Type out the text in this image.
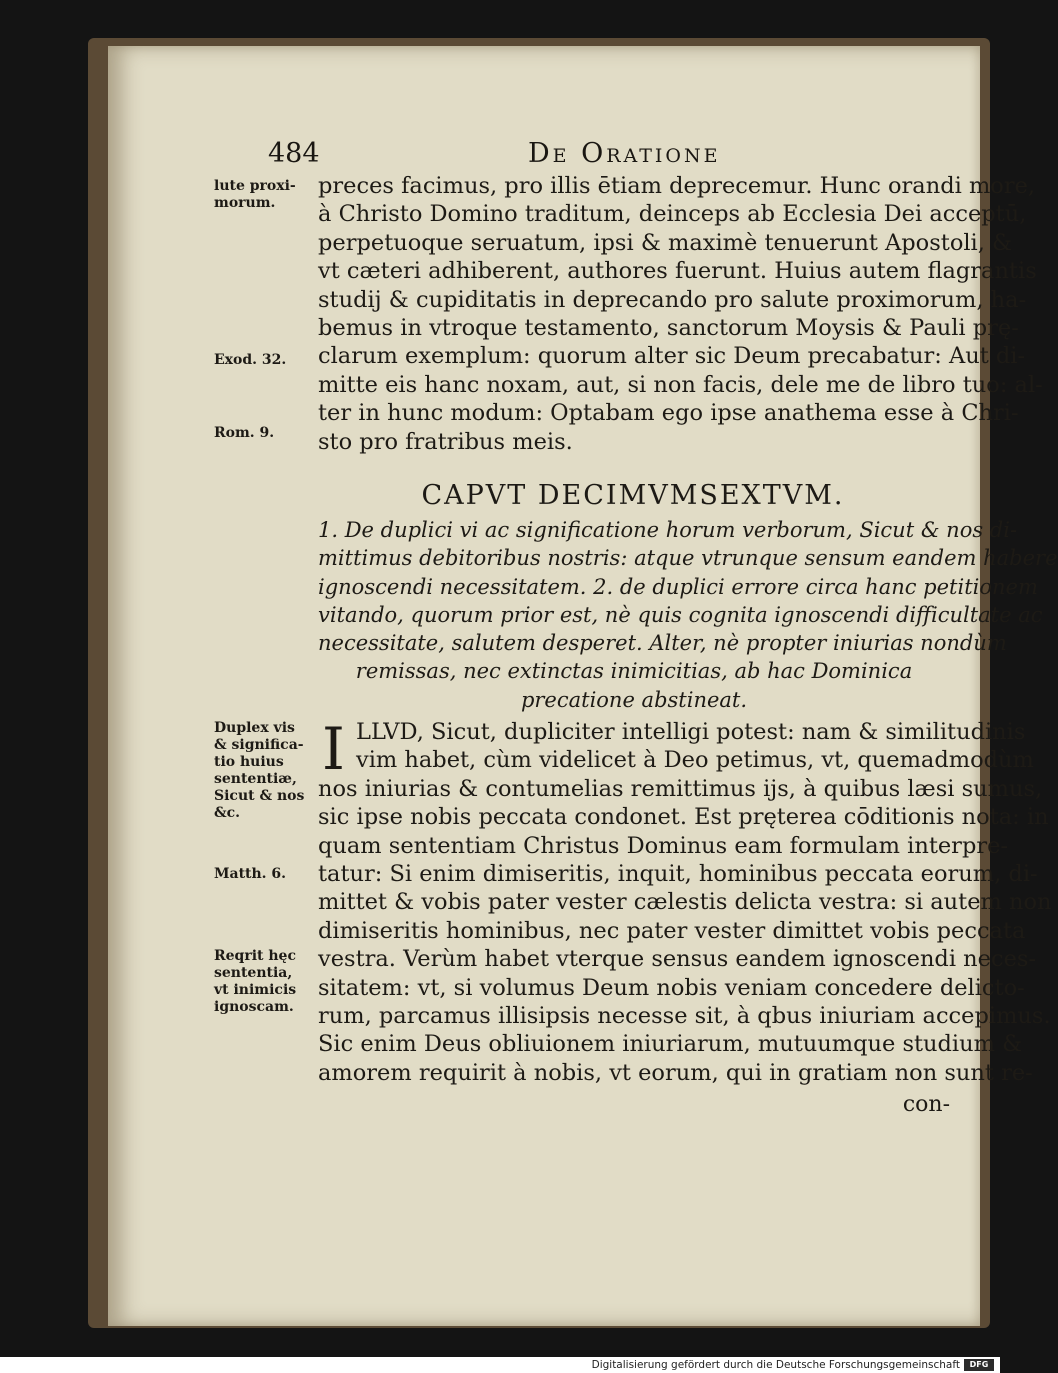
484	De Oratione
lute proxi-
morum.
Exod. 32.
Rom. 9.
Duplex vis
& significa-
tio huius
sententiæ,
Sicut & nos
&c.
Matth. 6.
Reqrit hęc
sententia,
vt inimicis
ignoscam.
preces facimus, pro illis ētiam deprecemur. Hunc orandi more,
à Christo Domino traditum, deinceps ab Ecclesia Dei acceptū,
perpetuoque seruatum, ipsi & maximè tenuerunt Apostoli, &
vt cæteri adhiberent, authores fuerunt. Huius autem flagrantis
studij & cupiditatis in deprecando pro salute proximorum, ha-
bemus in vtroque testamento, sanctorum Moysis & Pauli prę-
clarum exemplum: quorum alter sic Deum precabatur: Aut di-
mitte eis hanc noxam, aut, si non facis, dele me de libro tuo: al-
ter in hunc modum: Optabam ego ipse anathema esse à Chri-
sto pro fratribus meis.
CAPVT DECIMVMSEXTVM.
1. De duplici vi ac significatione horum verborum, Sicut & nos di-
mittimus debitoribus nostris: atque vtrunque sensum eandem habere
ignoscendi necessitatem. 2. de duplici errore circa hanc petitionem
vitando, quorum prior est, nè quis cognita ignoscendi difficultate ac
necessitate, salutem desperet. Alter, nè propter iniurias nondùm
remissas, nec extinctas inimicitias, ab hac Dominica
precatione abstineat.
I LLVD, Sicut, dupliciter intelligi potest: nam & similitudinis
vim habet, cùm videlicet à Deo petimus, vt, quemadmodùm
nos iniurias & contumelias remittimus ijs, à quibus læsi sumus,
sic ipse nobis peccata condonet. Est pręterea cōditionis nota: in
quam sententiam Christus Dominus eam formulam interpre-
tatur: Si enim dimiseritis, inquit, hominibus peccata eorum, di-
mittet & vobis pater vester cælestis delicta vestra: si autem non
dimiseritis hominibus, nec pater vester dimittet vobis peccata
vestra. Verùm habet vterque sensus eandem ignoscendi neces-
sitatem: vt, si volumus Deum nobis veniam concedere delicto-
rum, parcamus illisipsis necesse sit, à qbus iniuriam accepimus.
Sic enim Deus obliuionem iniuriarum, mutuumque studium &
amorem requirit à nobis, vt eorum, qui in gratiam non sunt re-
con-
Digitalisierung gefördert durch die Deutsche Forschungsgemeinschaft	DFG
